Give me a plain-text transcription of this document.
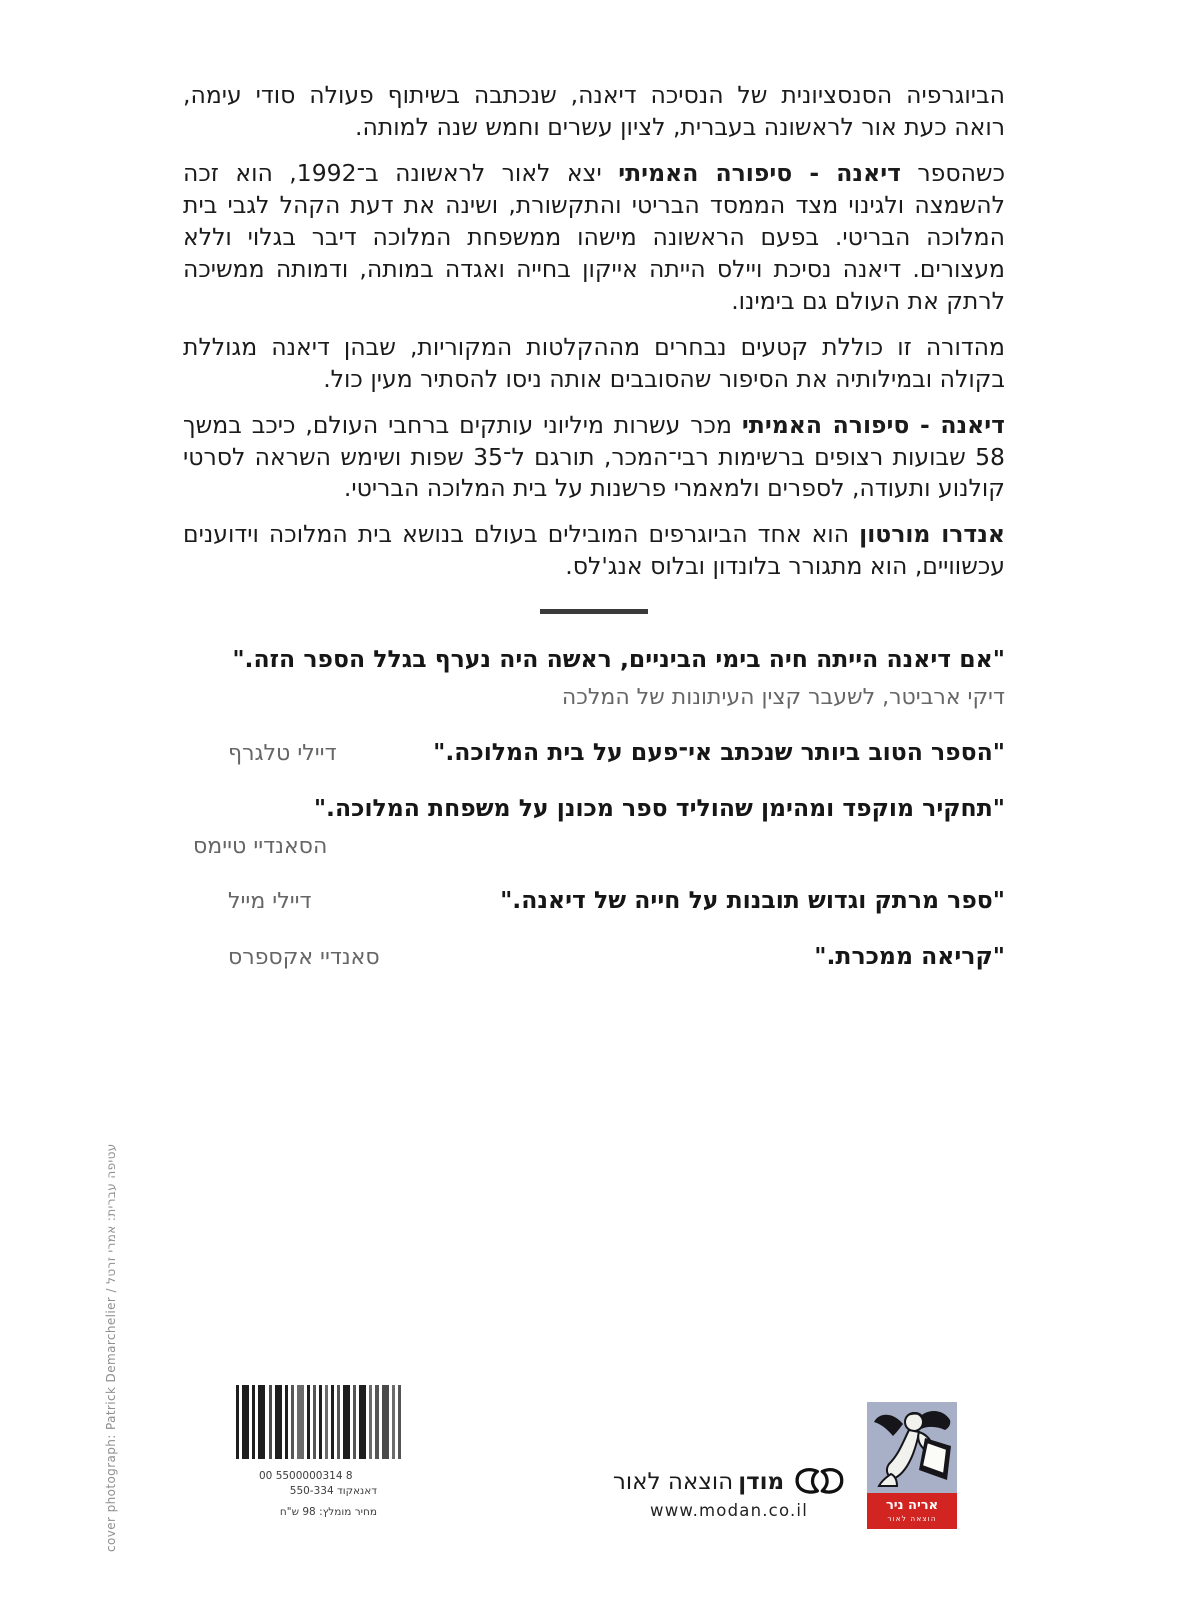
הביוגרפיה הסנסציונית של הנסיכה דיאנה, שנכתבה בשיתוף פעולה סודי עימה, רואה כעת אור לראשונה בעברית, לציון עשרים וחמש שנה למותה.

כשהספר דיאנה - סיפורה האמיתי יצא לאור לראשונה ב־1992, הוא זכה להשמצה ולגינוי מצד הממסד הבריטי והתקשורת, ושינה את דעת הקהל לגבי בית המלוכה הבריטי. בפעם הראשונה מישהו ממשפחת המלוכה דיבר בגלוי וללא מעצורים. דיאנה נסיכת ויילס הייתה אייקון בחייה ואגדה במותה, ודמותה ממשיכה לרתק את העולם גם בימינו.

מהדורה זו כוללת קטעים נבחרים מההקלטות המקוריות, שבהן דיאנה מגוללת בקולה ובמילותיה את הסיפור שהסובבים אותה ניסו להסתיר מעין כול.

דיאנה - סיפורה האמיתי מכר עשרות מיליוני עותקים ברחבי העולם, כיכב במשך 58 שבועות רצופים ברשימות רבי־המכר, תורגם ל־35 שפות ושימש השראה לסרטי קולנוע ותעודה, לספרים ולמאמרי פרשנות על בית המלוכה הבריטי.

אנדרו מורטון הוא אחד הביוגרפים המובילים בעולם בנושא בית המלוכה וידוענים עכשוויים, הוא מתגורר בלונדון ובלוס אנג'לס.

"אם דיאנה הייתה חיה בימי הביניים, ראשה היה נערף בגלל הספר הזה."
דיקי ארביטר, לשעבר קצין העיתונות של המלכה
"הספר הטוב ביותר שנכתב אי־פעם על בית המלוכה."
דיילי טלגרף
"תחקיר מוקפד ומהימן שהוליד ספר מכונן על משפחת המלוכה."
הסאנדיי טיימס
"ספר מרתק וגדוש תובנות על חייה של דיאנה."
דיילי מייל
"קריאה ממכרת."
סאנדיי אקספרס
cover photograph: Patrick Demarchelier / עטיפה עברית: אמרי זרטל
00 5500000314 8
דאנאקוד 550-334
מחיר מומלץ: 98 ש"ח
מודן
הוצאה לאור
www.modan.co.il	אריה ניר
הוצאה לאור
